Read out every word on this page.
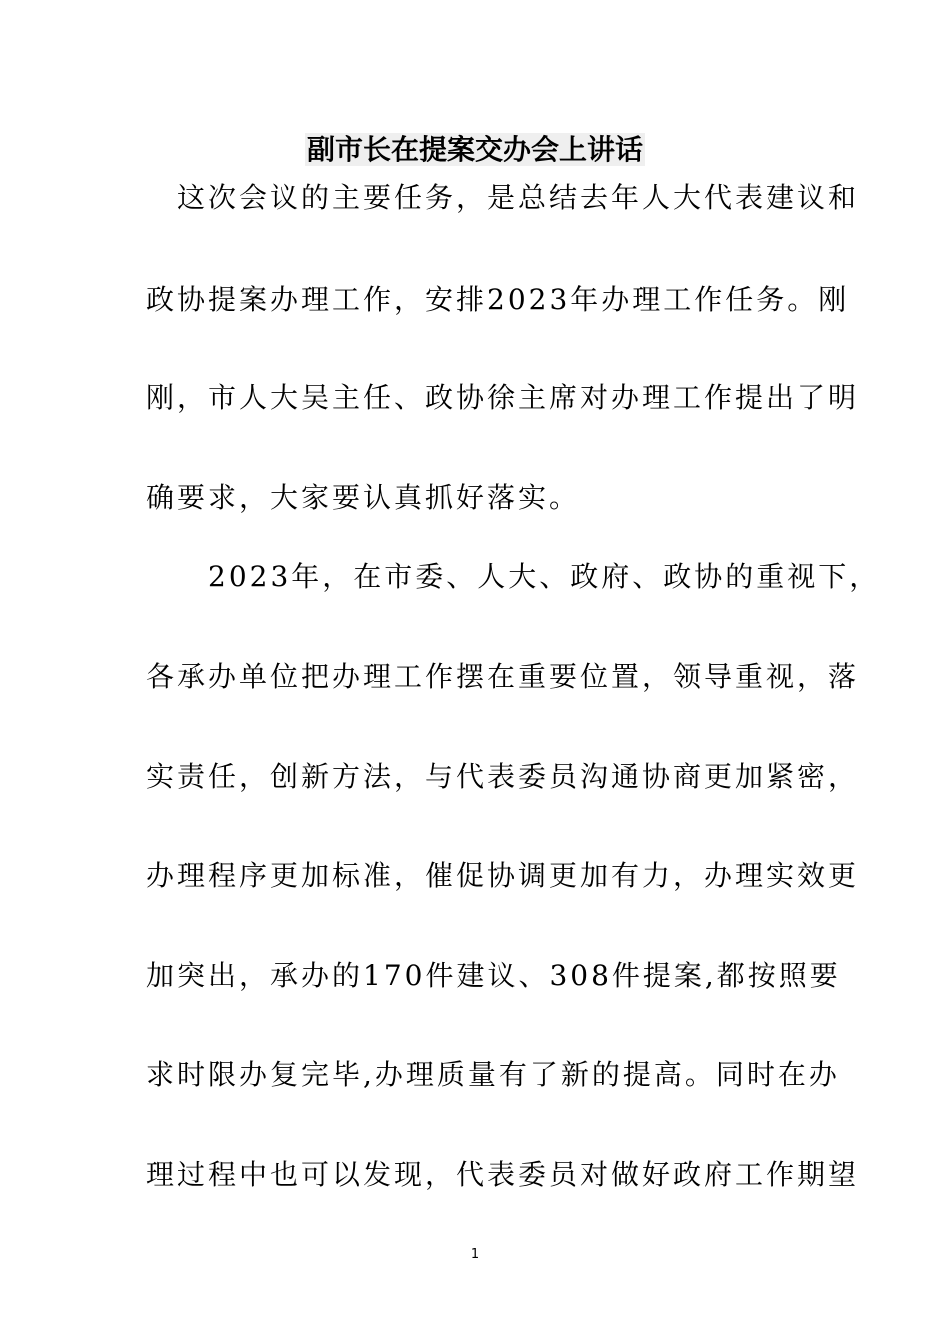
副市长在提案交办会上讲话

　这次会议的主要任务，是总结去年人大代表建议和

政协提案办理工作，安排2023年办理工作任务。刚

刚，市人大吴主任、政协徐主席对办理工作提出了明

确要求，大家要认真抓好落实。

　　2023年，在市委、人大、政府、政协的重视下，

各承办单位把办理工作摆在重要位置，领导重视，落

实责任，创新方法，与代表委员沟通协商更加紧密，

办理程序更加标准，催促协调更加有力，办理实效更

加突出，承办的170件建议、308件提案,都按照要

求时限办复完毕,办理质量有了新的提高。同时在办

理过程中也可以发现，代表委员对做好政府工作期望

1
